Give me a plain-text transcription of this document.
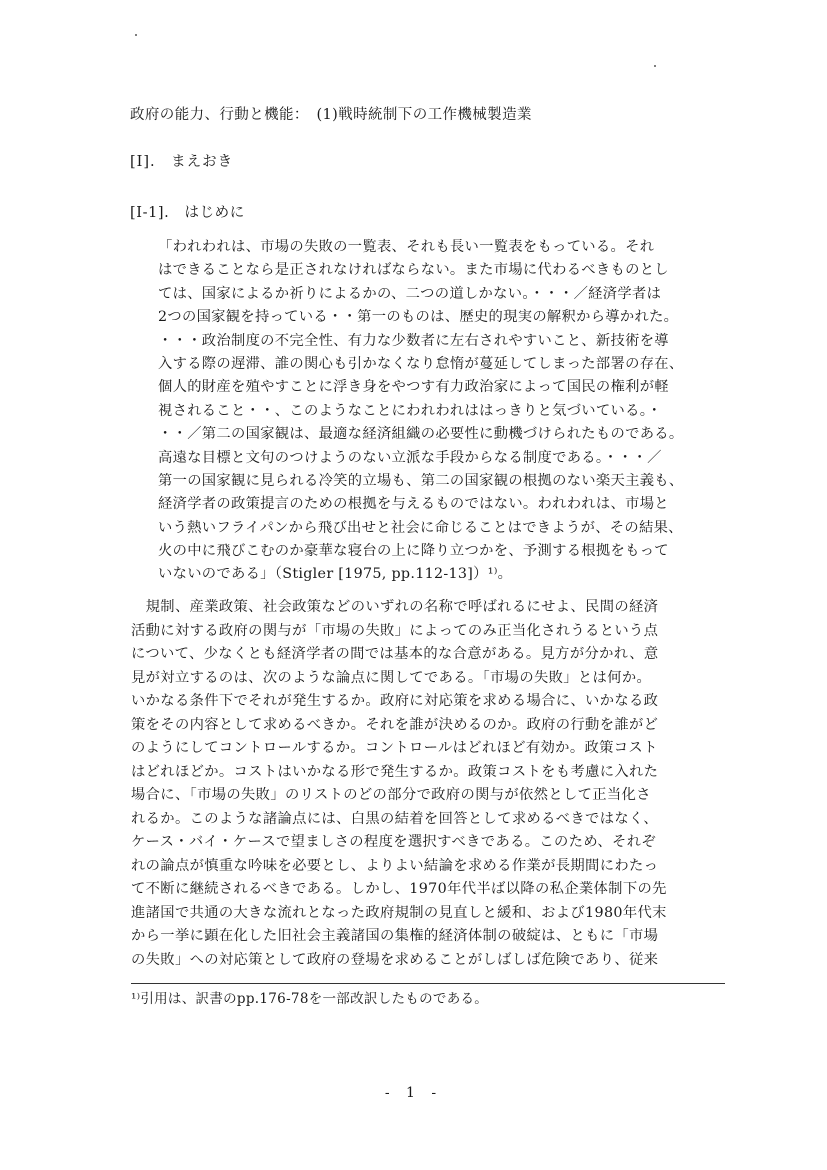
政府の能力、行動と機能：　(1)戦時統制下の工作機械製造業
[I].　まえおき
[I-1].　はじめに
「われわれは、市場の失敗の一覧表、それも長い一覧表をもっている。それ
はできることなら是正されなければならない。また市場に代わるべきものとし
ては、国家によるか祈りによるかの、二つの道しかない。・・・／経済学者は
2つの国家観を持っている・・第一のものは、歴史的現実の解釈から導かれた。
・・・政治制度の不完全性、有力な少数者に左右されやすいこと、新技術を導
入する際の遅滞、誰の関心も引かなくなり怠惰が蔓延してしまった部署の存在、
個人的財産を殖やすことに浮き身をやつす有力政治家によって国民の権利が軽
視されること・・、このようなことにわれわれははっきりと気づいている。・
・・／第二の国家観は、最適な経済組織の必要性に動機づけられたものである。
高遠な目標と文句のつけようのない立派な手段からなる制度である。・・・／
第一の国家観に見られる冷笑的立場も、第二の国家観の根拠のない楽天主義も、
経済学者の政策提言のための根拠を与えるものではない。われわれは、市場と
いう熱いフライパンから飛び出せと社会に命じることはできようが、その結果、
火の中に飛びこむのか豪華な寝台の上に降り立つかを、予測する根拠をもって
いないのである」（Stigler [1975, pp.112-13]）¹⁾。
　規制、産業政策、社会政策などのいずれの名称で呼ばれるにせよ、民間の経済
活動に対する政府の関与が「市場の失敗」によってのみ正当化されうるという点
について、少なくとも経済学者の間では基本的な合意がある。見方が分かれ、意
見が対立するのは、次のような論点に関してである。「市場の失敗」とは何か。
いかなる条件下でそれが発生するか。政府に対応策を求める場合に、いかなる政
策をその内容として求めるべきか。それを誰が決めるのか。政府の行動を誰がど
のようにしてコントロールするか。コントロールはどれほど有効か。政策コスト
はどれほどか。コストはいかなる形で発生するか。政策コストをも考慮に入れた
場合に、「市場の失敗」のリストのどの部分で政府の関与が依然として正当化さ
れるか。このような諸論点には、白黒の結着を回答として求めるべきではなく、
ケース・バイ・ケースで望ましさの程度を選択すべきである。このため、それぞ
れの論点が慎重な吟味を必要とし、よりよい結論を求める作業が長期間にわたっ
て不断に継続されるべきである。しかし、1970年代半ば以降の私企業体制下の先
進諸国で共通の大きな流れとなった政府規制の見直しと緩和、および1980年代末
から一挙に顕在化した旧社会主義諸国の集権的経済体制の破綻は、ともに「市場
の失敗」への対応策として政府の登場を求めることがしばしば危険であり、従来
¹⁾引用は、訳書のpp.176-78を一部改訳したものである。
- 1 -
